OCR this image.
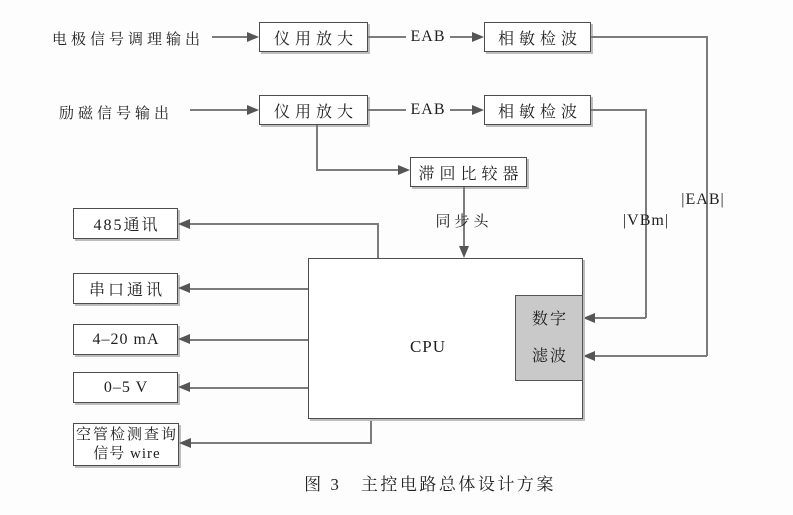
电极信号调理输出	仪用放大	EAB	相敏检波
|EAB|
励磁信号输出	仪用放大	EAB	相敏检波
|VBm|
滞回比较器
同步头
485通讯
串口通讯
4–20 mA
0–5 V
空管检测查询
信号 wire
CPU
数字
滤波
图 3　主控电路总体设计方案
